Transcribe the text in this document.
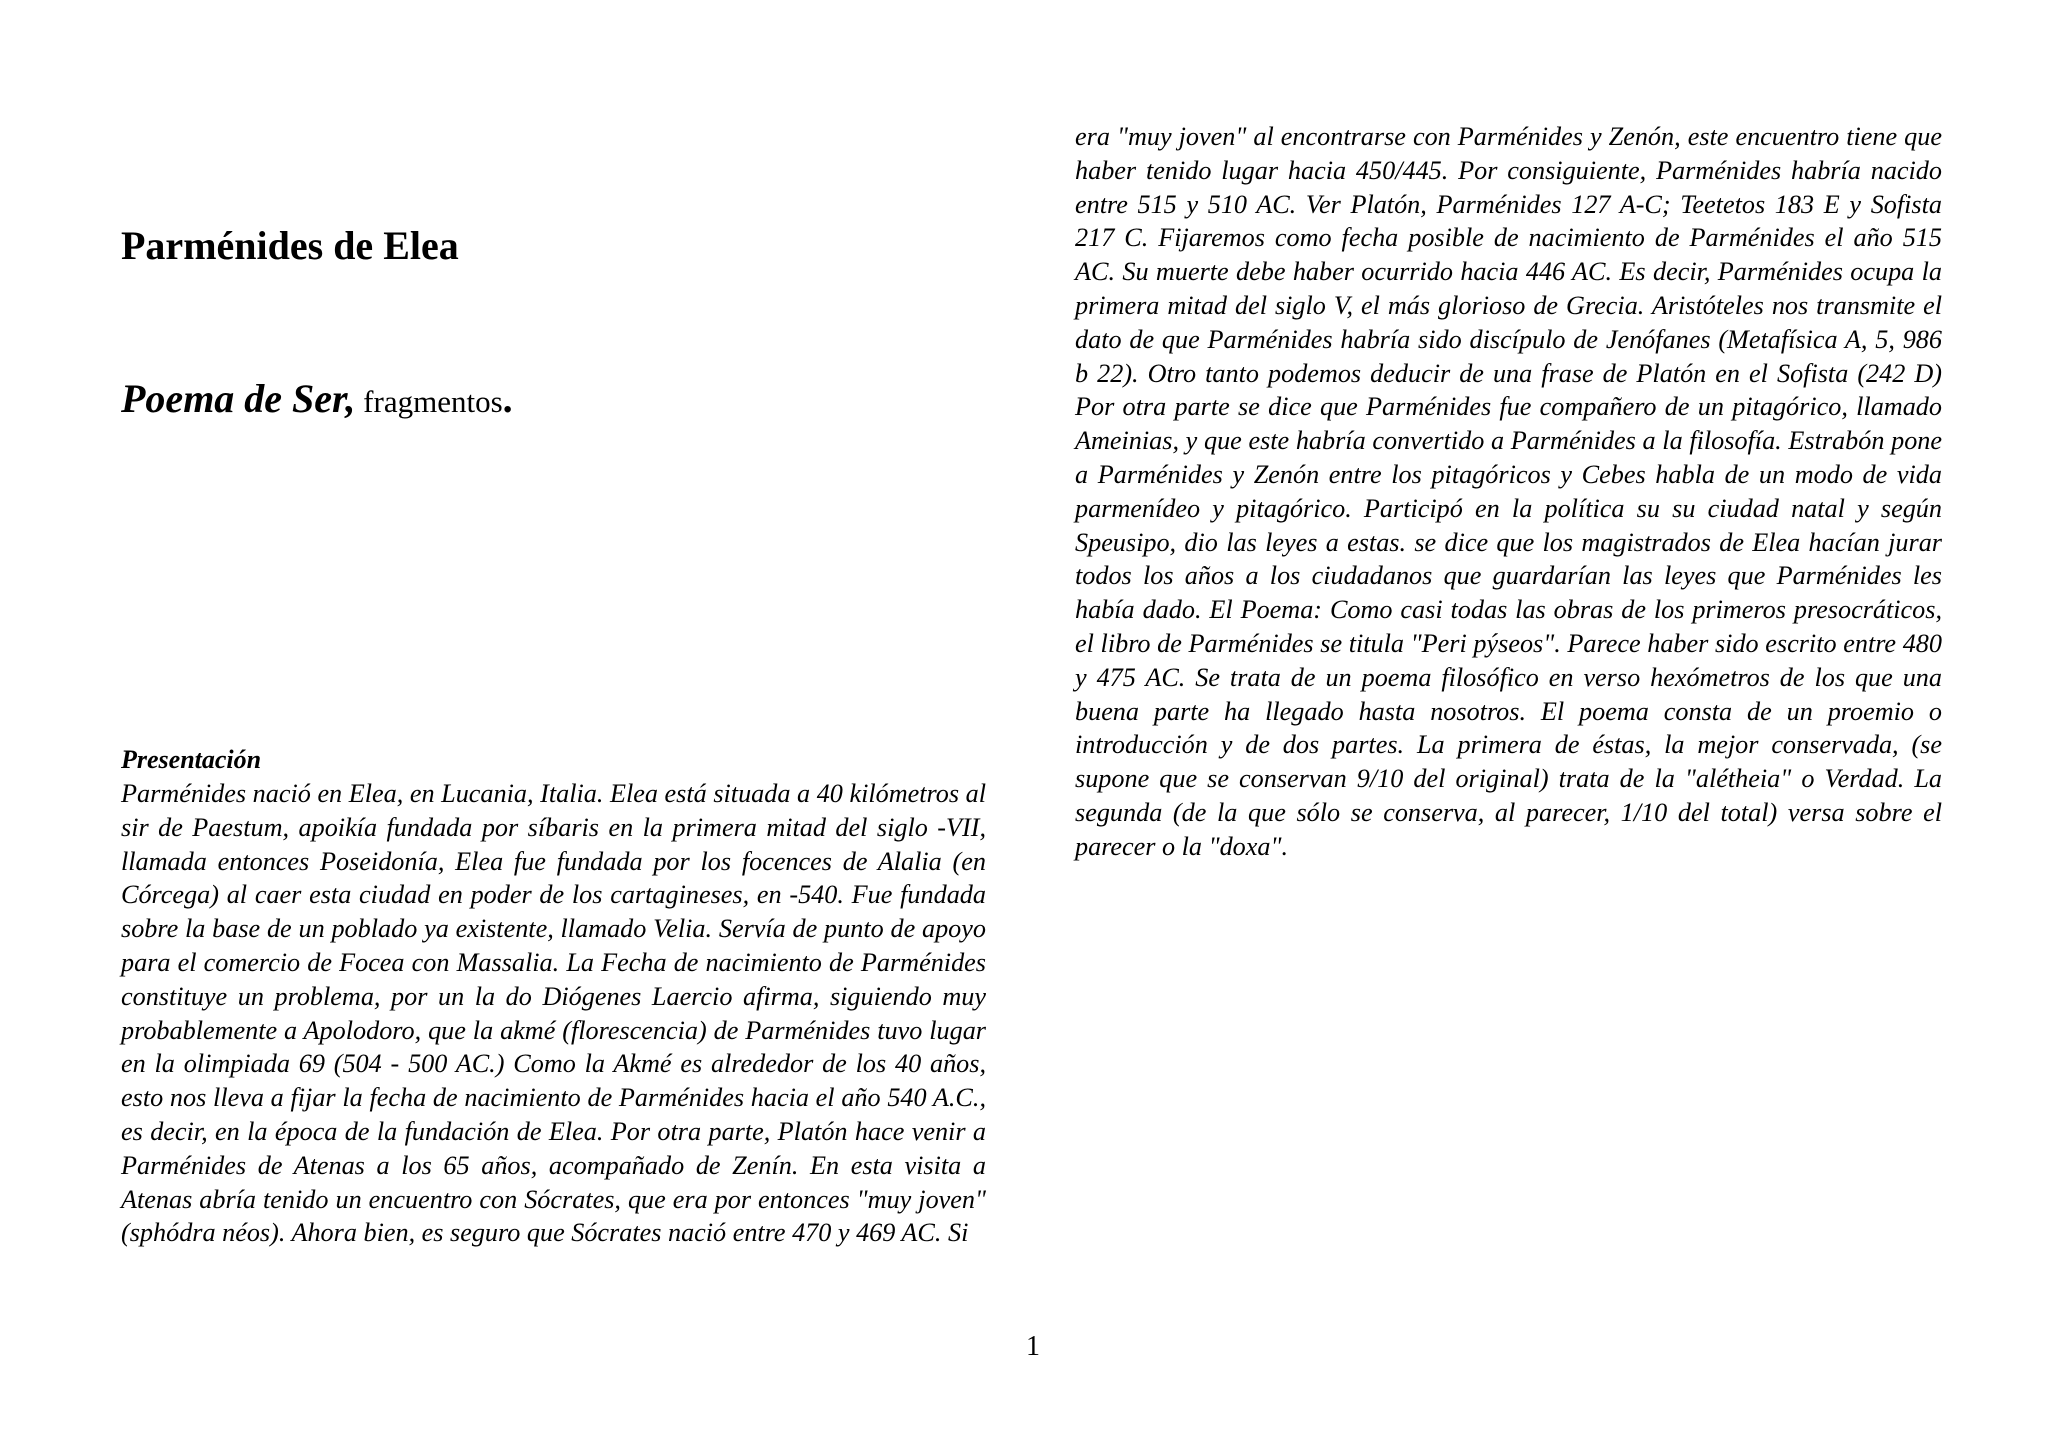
Parménides de Elea
Poema de Ser, fragmentos.
Presentación

Parménides nació en Elea, en Lucania, Italia. Elea está situada a 40 kilómetros al sir de Paestum, apoikía fundada por síbaris en la primera mitad del siglo -VII, llamada entonces Poseidonía, Elea fue fundada por los focences de Alalia (en Córcega) al caer esta ciudad en poder de los cartagineses, en -540. Fue fundada sobre la base de un poblado ya existente, llamado Velia. Servía de punto de apoyo para el comercio de Focea con Massalia. La Fecha de nacimiento de Parménides constituye un problema, por un la do Diógenes Laercio afirma, siguiendo muy probablemente a Apolodoro, que la akmé (florescencia) de Parménides tuvo lugar en la olimpiada 69 (504 - 500 AC.) Como la Akmé es alrededor de los 40 años, esto nos lleva a fijar la fecha de nacimiento de Parménides hacia el año 540 A.C., es decir, en la época de la fundación de Elea. Por otra parte, Platón hace venir a Parménides de Atenas a los 65 años, acompañado de Zenín. En esta visita a Atenas abría tenido un encuentro con Sócrates, que era por entonces "muy joven" (sphódra néos). Ahora bien, es seguro que Sócrates nació entre 470 y 469 AC. Si

era "muy joven" al encontrarse con Parménides y Zenón, este encuentro tiene que haber tenido lugar hacia 450/445. Por consiguiente, Parménides habría nacido entre 515 y 510 AC. Ver Platón, Parménides 127 A-C; Teetetos 183 E y Sofista 217 C. Fijaremos como fecha posible de nacimiento de Parménides el año 515 AC. Su muerte debe haber ocurrido hacia 446 AC. Es decir, Parménides ocupa la primera mitad del siglo V, el más glorioso de Grecia. Aristóteles nos transmite el dato de que Parménides habría sido discípulo de Jenófanes (Metafísica A, 5, 986 b 22). Otro tanto podemos deducir de una frase de Platón en el Sofista (242 D) Por otra parte se dice que Parménides fue compañero de un pitagórico, llamado Ameinias, y que este habría convertido a Parménides a la filosofía. Estrabón pone a Parménides y Zenón entre los pitagóricos y Cebes habla de un modo de vida parmenídeo y pitagórico. Participó en la política su su ciudad natal y según Speusipo, dio las leyes a estas. se dice que los magistrados de Elea hacían jurar todos los años a los ciudadanos que guardarían las leyes que Parménides les había dado. El Poema: Como casi todas las obras de los primeros presocráticos, el libro de Parménides se titula "Peri pýseos". Parece haber sido escrito entre 480 y 475 AC. Se trata de un poema filosófico en verso hexómetros de los que una buena parte ha llegado hasta nosotros. El poema consta de un proemio o introducción y de dos partes. La primera de éstas, la mejor conservada, (se supone que se conservan 9/10 del original) trata de la "alétheia" o Verdad. La segunda (de la que sólo se conserva, al parecer, 1/10 del total) versa sobre el parecer o la "doxa".

1
